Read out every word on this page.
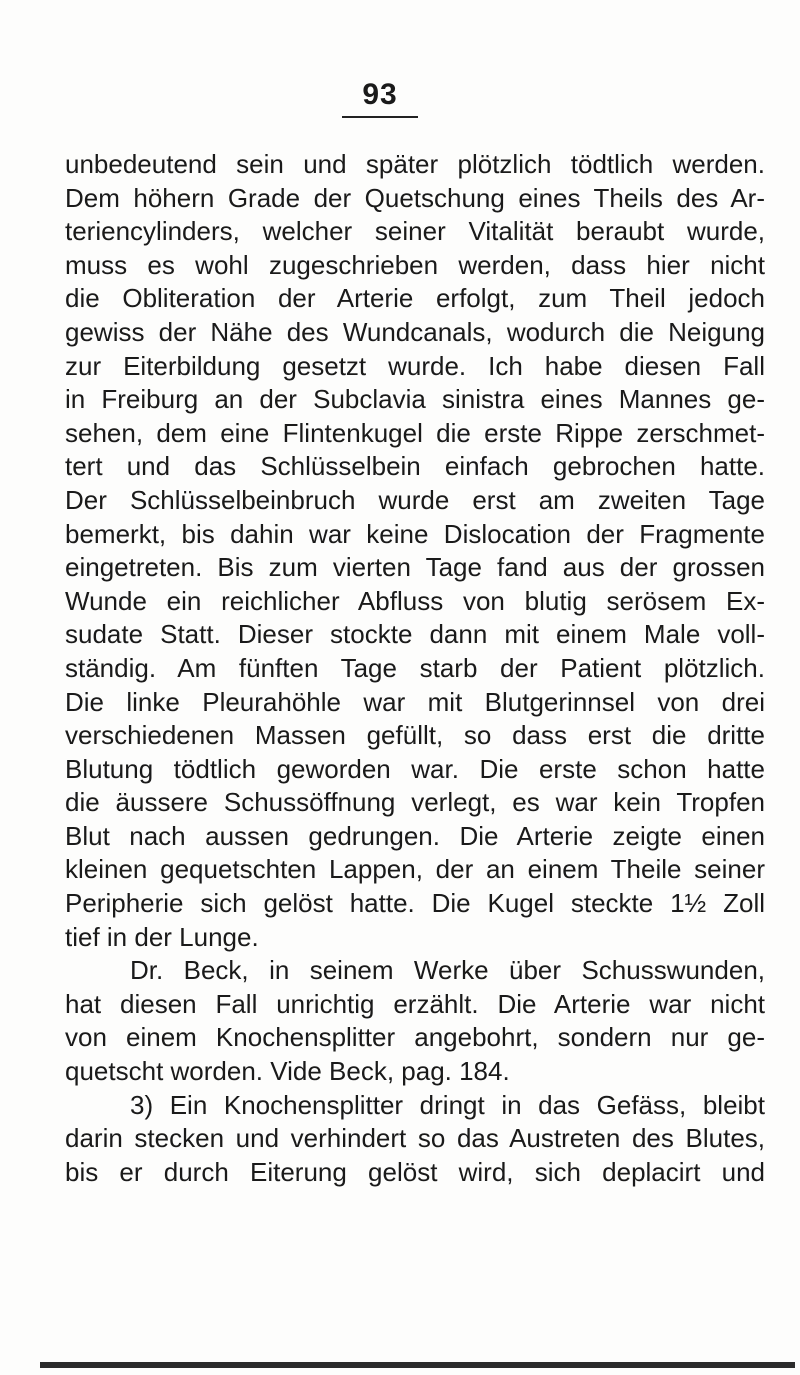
93
unbedeutend sein und später plötzlich tödtlich werden.
Dem höhern Grade der Quetschung eines Theils des Ar-
teriencylinders, welcher seiner Vitalität beraubt wurde,
muss es wohl zugeschrieben werden, dass hier nicht
die Obliteration der Arterie erfolgt, zum Theil jedoch
gewiss der Nähe des Wundcanals, wodurch die Neigung
zur Eiterbildung gesetzt wurde. Ich habe diesen Fall
in Freiburg an der Subclavia sinistra eines Mannes ge-
sehen, dem eine Flintenkugel die erste Rippe zerschmet-
tert und das Schlüsselbein einfach gebrochen hatte.
Der Schlüsselbeinbruch wurde erst am zweiten Tage
bemerkt, bis dahin war keine Dislocation der Fragmente
eingetreten. Bis zum vierten Tage fand aus der grossen
Wunde ein reichlicher Abfluss von blutig serösem Ex-
sudate Statt. Dieser stockte dann mit einem Male voll-
ständig. Am fünften Tage starb der Patient plötzlich.
Die linke Pleurahöhle war mit Blutgerinnsel von drei
verschiedenen Massen gefüllt, so dass erst die dritte
Blutung tödtlich geworden war. Die erste schon hatte
die äussere Schussöffnung verlegt, es war kein Tropfen
Blut nach aussen gedrungen. Die Arterie zeigte einen
kleinen gequetschten Lappen, der an einem Theile seiner
Peripherie sich gelöst hatte. Die Kugel steckte 1½ Zoll
tief in der Lunge.
Dr. Beck, in seinem Werke über Schusswunden,
hat diesen Fall unrichtig erzählt. Die Arterie war nicht
von einem Knochensplitter angebohrt, sondern nur ge-
quetscht worden. Vide Beck, pag. 184.
3) Ein Knochensplitter dringt in das Gefäss, bleibt
darin stecken und verhindert so das Austreten des Blutes,
bis er durch Eiterung gelöst wird, sich deplacirt und
